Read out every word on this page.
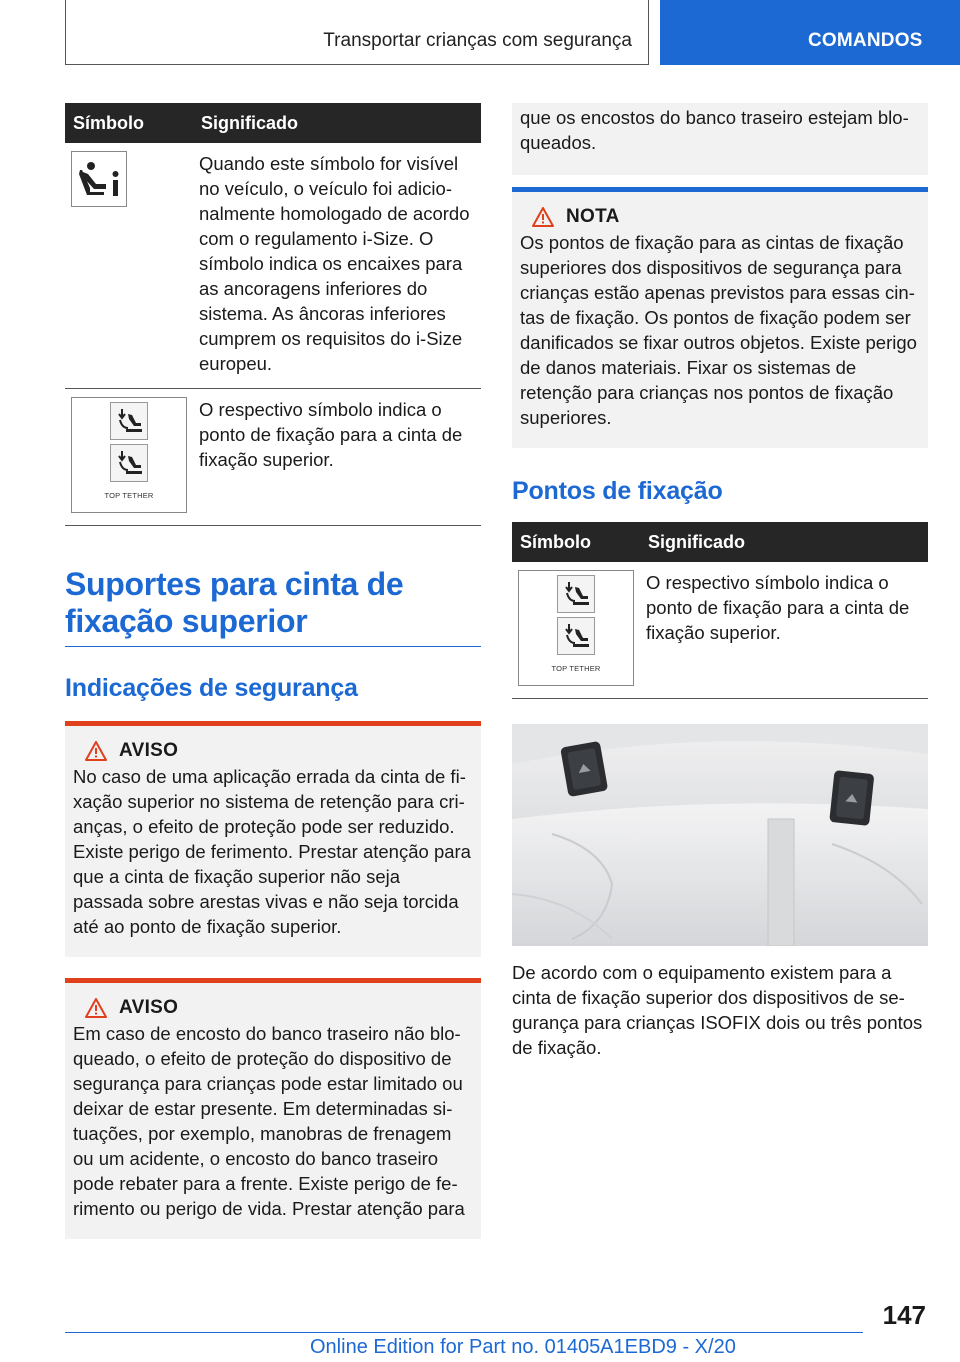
Transportar crianças com segurança	COMANDOS
Símbolo	Significado

	Quando este símbolo for visível no veículo, o veículo foi adicionalmente homologado de acordo com o regulamento i-Size. O símbolo indica os encaixes para as ancoragens inferiores do sistema. As âncoras inferiores cumprem os requisitos do i-Size europeu.

TOP TETHER	O respectivo símbolo indica o ponto de fixação para a cinta de fixação superior.
Suportes para cinta de fixação superior
Indicações de segurança
AVISO

No caso de uma aplicação errada da cinta de fixação superior no sistema de retenção para crianças, o efeito de proteção pode ser reduzido. Existe perigo de ferimento. Prestar atenção para que a cinta de fixação superior não seja passada sobre arestas vivas e não seja torcida até ao ponto de fixação superior.

AVISO

Em caso de encosto do banco traseiro não bloqueado, o efeito de proteção do dispositivo de segurança para crianças pode estar limitado ou deixar de estar presente. Em determinadas situações, por exemplo, manobras de frenagem ou um acidente, o encosto do banco traseiro pode rebater para a frente. Existe perigo de ferimento ou perigo de vida. Prestar atenção para

que os encostos do banco traseiro estejam bloqueados.

NOTA

Os pontos de fixação para as cintas de fixação superiores dos dispositivos de segurança para crianças estão apenas previstos para essas cintas de fixação. Os pontos de fixação podem ser danificados se fixar outros objetos. Existe perigo de danos materiais. Fixar os sistemas de retenção para crianças nos pontos de fixação superiores.

Pontos de fixação
Símbolo	Significado

TOP TETHER	O respectivo símbolo indica o ponto de fixação para a cinta de fixação superior.

De acordo com o equipamento existem para a cinta de fixação superior dos dispositivos de segurança para crianças ISOFIX dois ou três pontos de fixação.

147
Online Edition for Part no. 01405A1EBD9 - X/20
